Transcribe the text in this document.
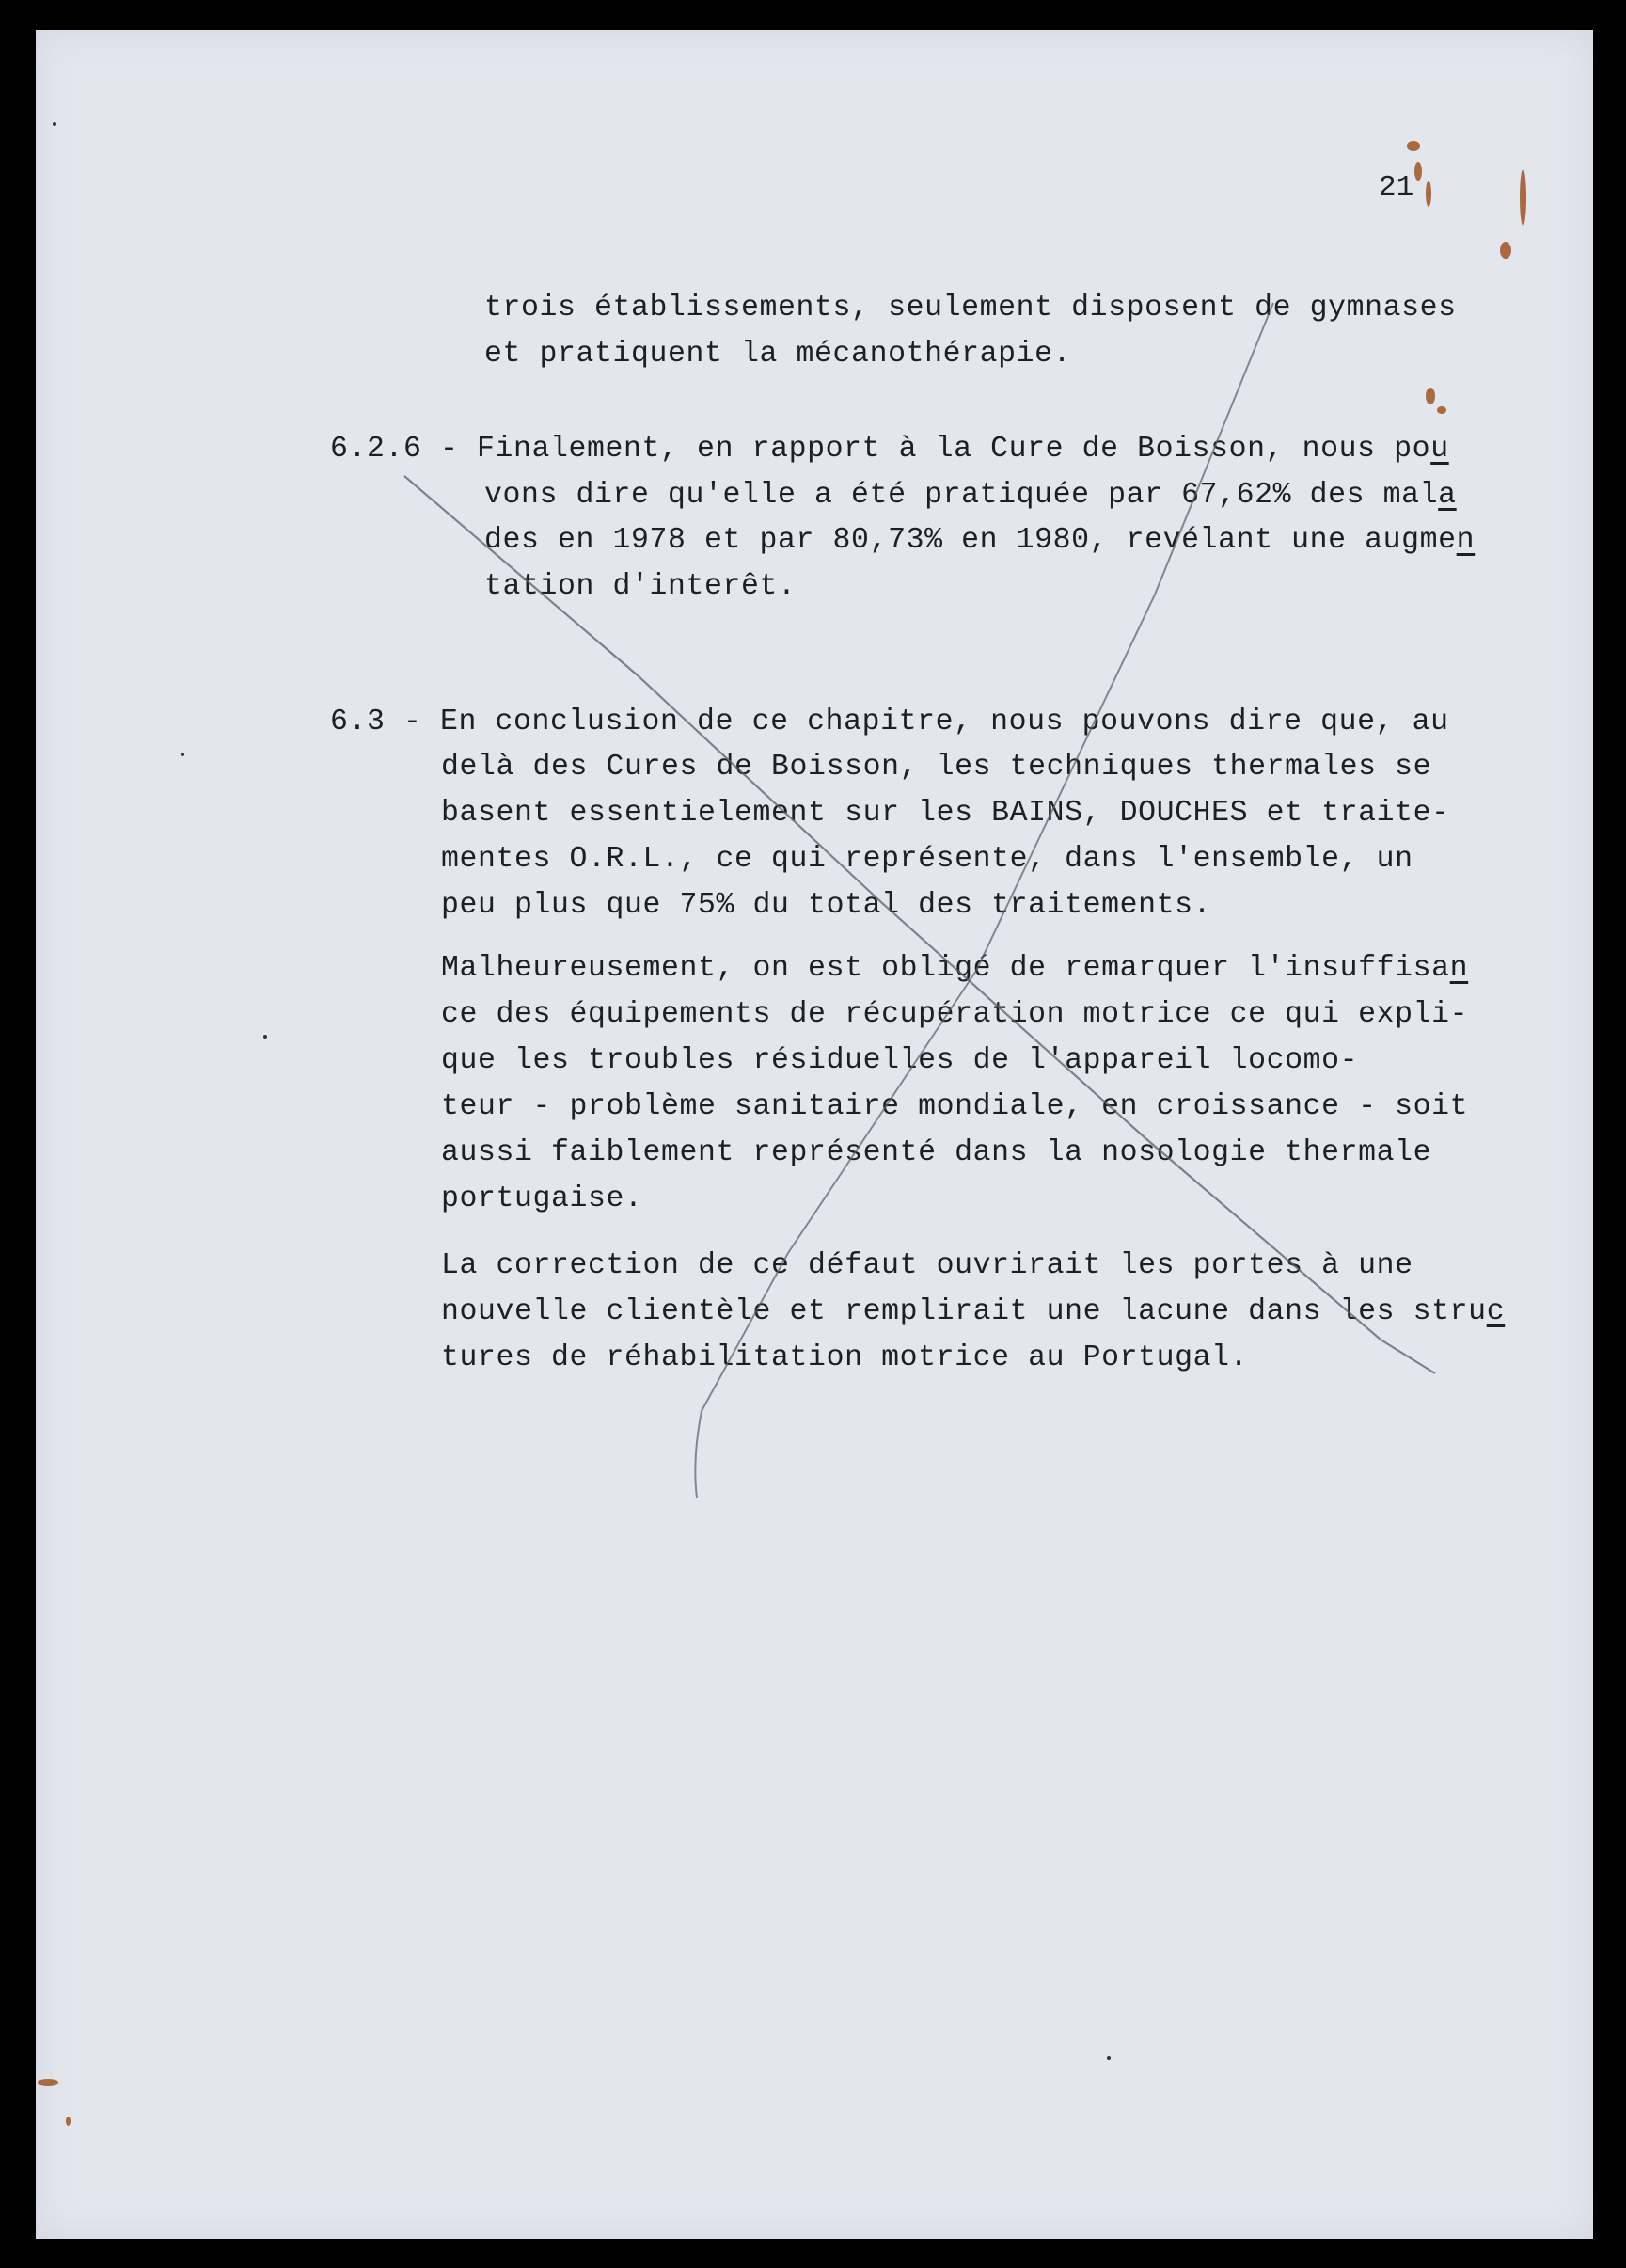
21
trois établissements, seulement disposent de gymnases
et pratiquent la mécanothérapie.
6.2.6 - Finalement, en rapport à la Cure de Boisson, nous pou
vons dire qu'elle a été pratiquée par 67,62% des mala
des en 1978 et par 80,73% en 1980, revélant une augmen
tation d'interêt.
6.3 - En conclusion de ce chapitre, nous pouvons dire que, au
delà des Cures de Boisson, les techniques thermales se
basent essentielement sur les BAINS, DOUCHES et traite-
mentes O.R.L., ce qui représente, dans l'ensemble, un
peu plus que 75% du total des traitements.
Malheureusement, on est obligé de remarquer l'insuffisan
ce des équipements de récupération motrice ce qui expli-
que les troubles résiduelles de l'appareil locomo-
teur - problème sanitaire mondiale, en croissance - soit
aussi faiblement représenté dans la nosologie thermale
portugaise.
La correction de ce défaut ouvrirait les portes à une
nouvelle clientèle et remplirait une lacune dans les struc
tures de réhabilitation motrice au Portugal.
